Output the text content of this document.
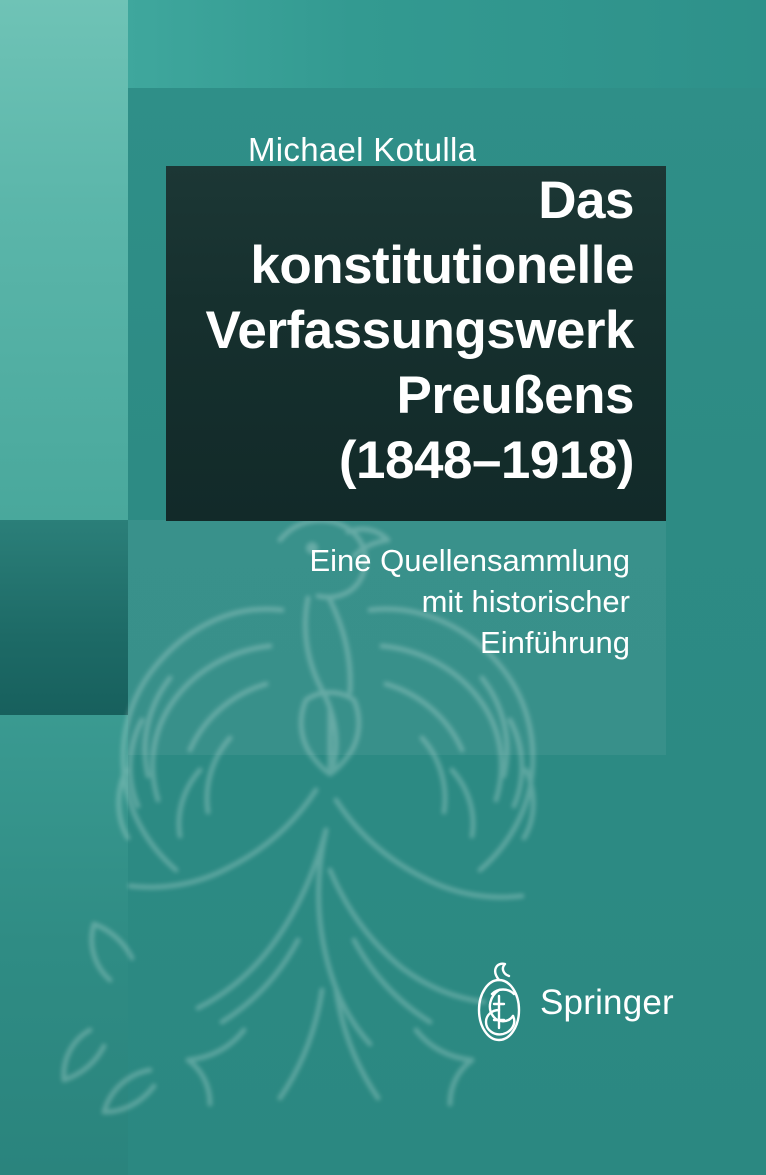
Michael Kotulla
Das
konstitutionelle
Verfassungswerk
Preußens
(1848–1918)
Eine Quellensammlung
mit historischer
Einführung
Springer
